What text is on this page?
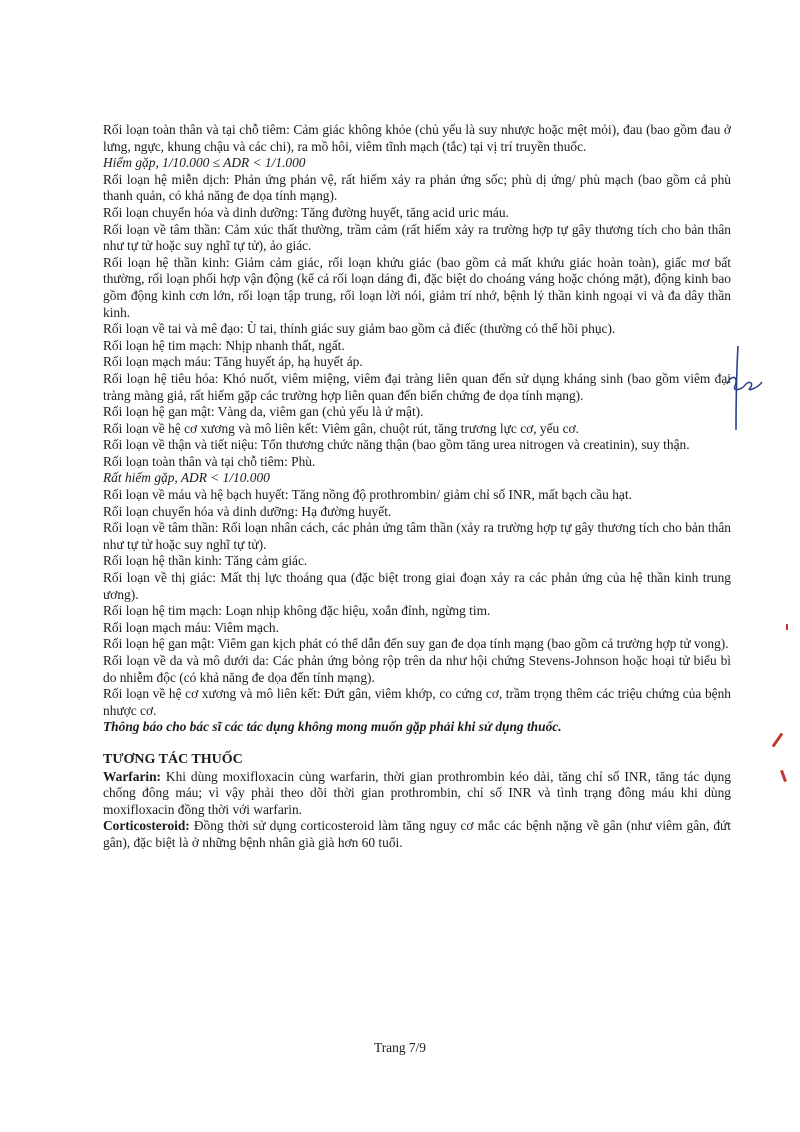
Rối loạn toàn thân và tại chỗ tiêm: Cảm giác không khỏe (chủ yếu là suy nhược hoặc mệt mỏi), đau (bao gồm đau ở lưng, ngực, khung chậu và các chi), ra mồ hôi, viêm tĩnh mạch (tắc) tại vị trí truyền thuốc.

Hiếm gặp, 1/10.000 ≤ ADR < 1/1.000

Rối loạn hệ miễn dịch: Phản ứng phản vệ, rất hiếm xảy ra phản ứng sốc; phù dị ứng/ phù mạch (bao gồm cả phù thanh quản, có khả năng đe dọa tính mạng).

Rối loạn chuyển hóa và dinh dưỡng: Tăng đường huyết, tăng acid uric máu.

Rối loạn về tâm thần: Cảm xúc thất thường, trầm cảm (rất hiếm xảy ra trường hợp tự gây thương tích cho bản thân như tự tử hoặc suy nghĩ tự tử), ảo giác.

Rối loạn hệ thần kinh: Giảm cảm giác, rối loạn khứu giác (bao gồm cả mất khứu giác hoàn toàn), giấc mơ bất thường, rối loạn phối hợp vận động (kể cả rối loạn dáng đi, đặc biệt do choáng váng hoặc chóng mặt), động kinh bao gồm động kinh cơn lớn, rối loạn tập trung, rối loạn lời nói, giảm trí nhớ, bệnh lý thần kinh ngoại vi và đa dây thần kinh.

Rối loạn về tai và mê đạo: Ù tai, thính giác suy giảm bao gồm cả điếc (thường có thể hồi phục).

Rối loạn hệ tim mạch: Nhịp nhanh thất, ngất.

Rối loạn mạch máu: Tăng huyết áp, hạ huyết áp.

Rối loạn hệ tiêu hóa: Khó nuốt, viêm miệng, viêm đại tràng liên quan đến sử dụng kháng sinh (bao gồm viêm đại tràng màng giả, rất hiếm gặp các trường hợp liên quan đến biến chứng đe dọa tính mạng).

Rối loạn hệ gan mật: Vàng da, viêm gan (chủ yếu là ứ mật).

Rối loạn về hệ cơ xương và mô liên kết: Viêm gân, chuột rút, tăng trương lực cơ, yếu cơ.

Rối loạn về thận và tiết niệu: Tổn thương chức năng thận (bao gồm tăng urea nitrogen và creatinin), suy thận.

Rối loạn toàn thân và tại chỗ tiêm: Phù.

Rất hiếm gặp, ADR < 1/10.000

Rối loạn về máu và hệ bạch huyết: Tăng nồng độ prothrombin/ giảm chỉ số INR, mất bạch cầu hạt.

Rối loạn chuyển hóa và dinh dưỡng: Hạ đường huyết.

Rối loạn về tâm thần: Rối loạn nhân cách, các phản ứng tâm thần (xảy ra trường hợp tự gây thương tích cho bản thân như tự tử hoặc suy nghĩ tự tử).

Rối loạn hệ thần kinh: Tăng cảm giác.

Rối loạn về thị giác: Mất thị lực thoáng qua (đặc biệt trong giai đoạn xảy ra các phản ứng của hệ thần kinh trung ương).

Rối loạn hệ tim mạch: Loạn nhịp không đặc hiệu, xoắn đỉnh, ngừng tim.

Rối loạn mạch máu: Viêm mạch.

Rối loạn hệ gan mật: Viêm gan kịch phát có thể dẫn đến suy gan đe dọa tính mạng (bao gồm cả trường hợp tử vong).

Rối loạn về da và mô dưới da: Các phản ứng bỏng rộp trên da như hội chứng Stevens-Johnson hoặc hoại tử biểu bì do nhiễm độc (có khả năng đe dọa đến tính mạng).

Rối loạn về hệ cơ xương và mô liên kết: Đứt gân, viêm khớp, co cứng cơ, trầm trọng thêm các triệu chứng của bệnh nhược cơ.

Thông báo cho bác sĩ các tác dụng không mong muốn gặp phải khi sử dụng thuốc.

TƯƠNG TÁC THUỐC

Warfarin: Khi dùng moxifloxacin cùng warfarin, thời gian prothrombin kéo dài, tăng chỉ số INR, tăng tác dụng chống đông máu; vì vậy phải theo dõi thời gian prothrombin, chỉ số INR và tình trạng đông máu khi dùng moxifloxacin đồng thời với warfarin.

Corticosteroid: Đồng thời sử dụng corticosteroid làm tăng nguy cơ mắc các bệnh nặng về gân (như viêm gân, đứt gân), đặc biệt là ở những bệnh nhân già già hơn 60 tuổi.

Trang 7/9
